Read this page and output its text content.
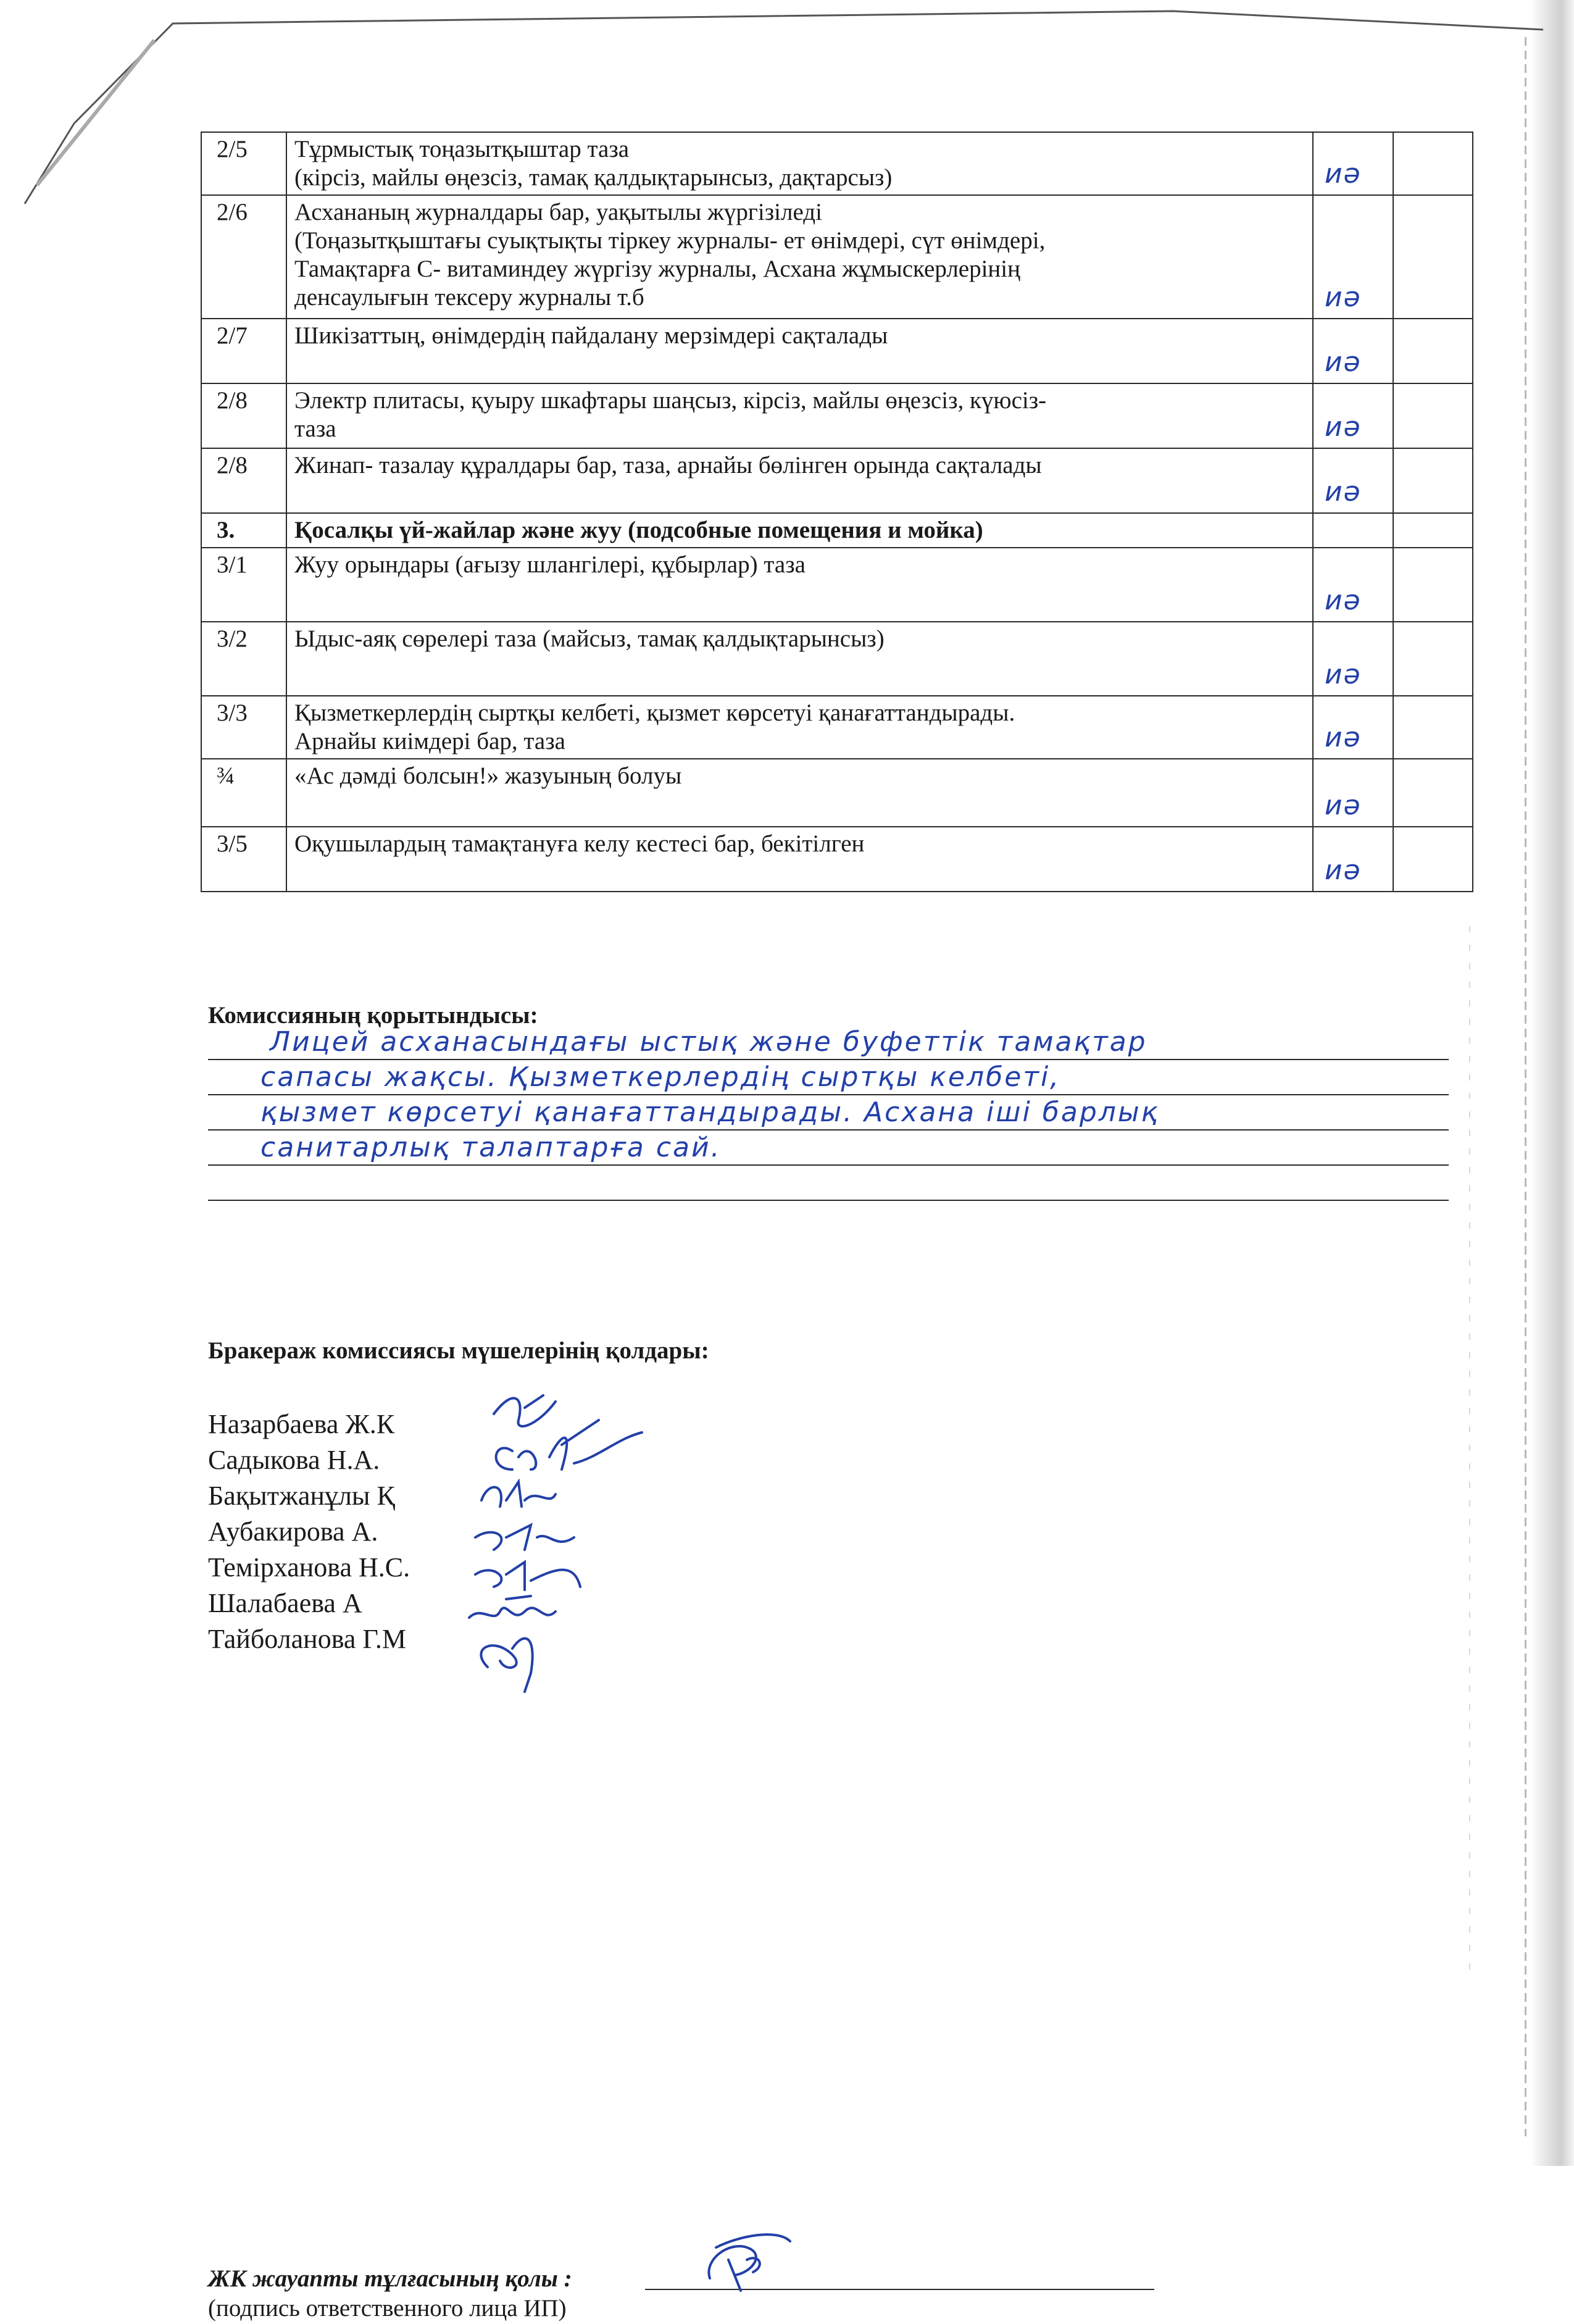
2/5	Тұрмыстық тоңазытқыштар таза
(кірсіз, майлы өңезсіз, тамақ қалдықтарынсыз, дақтарсыз)	иә	

2/6	Асхананың журналдары бар, уақытылы жүргізіледі
(Тоңазытқыштағы суықтықты тіркеу журналы- ет өнімдері, сүт өнімдері,
Тамақтарға С- витаминдеу жүргізу журналы, Асхана жұмыскерлерінің
денсаулығын тексеру журналы т.б	иә	

2/7	Шикізаттың, өнімдердің пайдалану мерзімдері сақталады	иә	

2/8	Электр плитасы, қуыру шкафтары шаңсыз, кірсіз, майлы өңезсіз, күюсіз-
таза	иә	

2/8	Жинап- тазалау құралдары бар, таза, арнайы бөлінген орында сақталады	иә	

3.	Қосалқы үй-жайлар және жуу (подсобные помещения и мойка)		

3/1	Жуу орындары (ағызу шлангілері, құбырлар) таза	иә	

3/2	Ыдыс-аяқ сөрелері таза (майсыз, тамақ қалдықтарынсыз)	иә	

3/3	Қызметкерлердің сыртқы келбеті, қызмет көрсетуі қанағаттандырады.
Арнайы киімдері бар, таза	иә	

¾	«Ас дәмді болсын!» жазуының болуы	иә	

3/5	Оқушылардың тамақтануға келу кестесі бар, бекітілген	иә	

Комиссияның қорытындысы:
Лицей асханасындағы ыстық және буфеттік тамақтар
сапасы жақсы. Қызметкерлердің сыртқы келбеті,
қызмет көрсетуі қанағаттандырады. Асхана іші барлық
санитарлық талаптарға сай.
Бракераж комиссиясы мүшелерінің қолдары:
Назарбаева Ж.К
Садыкова Н.А.
Бақытжанұлы Қ
Аубакирова А.
Темірханова Н.С.
Шалабаева А
Тайболанова Г.М
ЖК жауапты тұлғасының қолы :
(подпись ответственного лица ИП)
